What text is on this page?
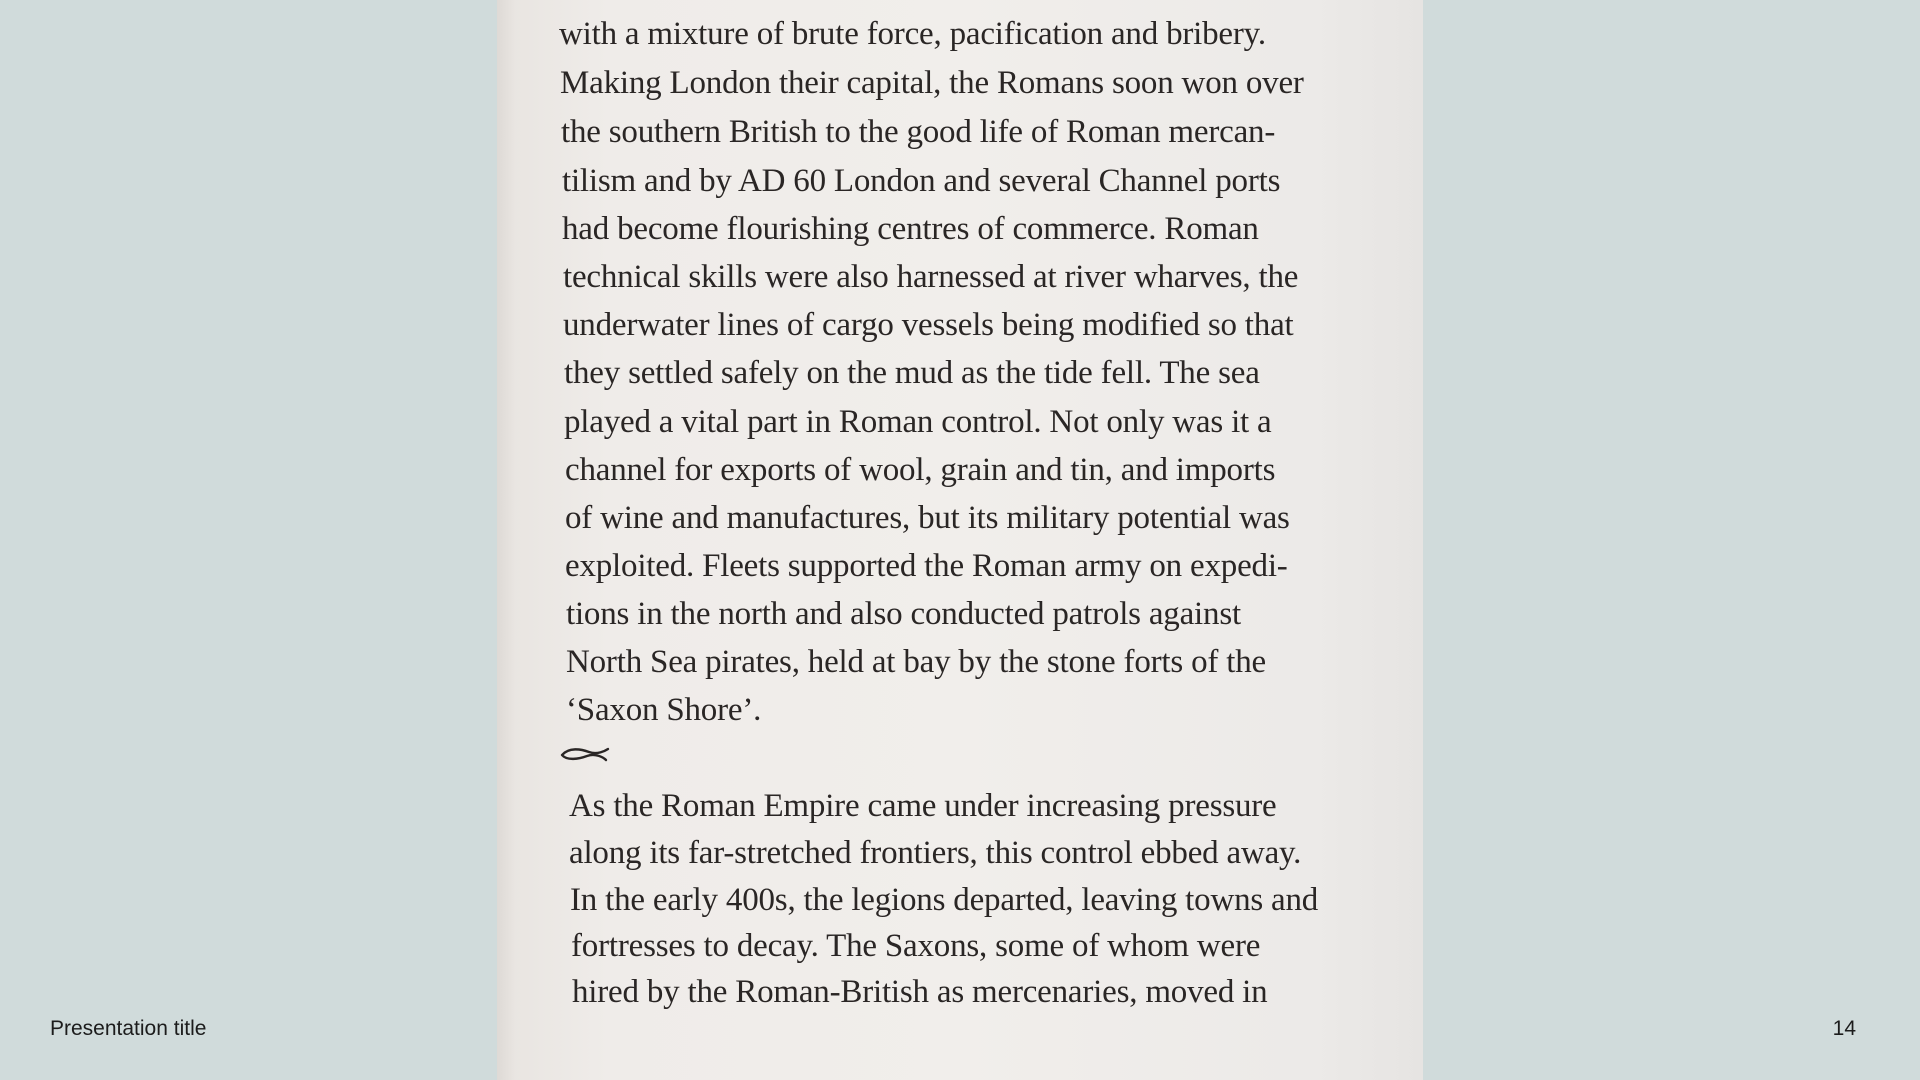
with a mixture of brute force, pacification and bribery.
Making London their capital, the Romans soon won over
the southern British to the good life of Roman mercan-
tilism and by AD 60 London and several Channel ports
had become flourishing centres of commerce. Roman
technical skills were also harnessed at river wharves, the
underwater lines of cargo vessels being modified so that
they settled safely on the mud as the tide fell. The sea
played a vital part in Roman control. Not only was it a
channel for exports of wool, grain and tin, and imports
of wine and manufactures, but its military potential was
exploited. Fleets supported the Roman army on expedi-
tions in the north and also conducted patrols against
North Sea pirates, held at bay by the stone forts of the
‘Saxon Shore’.
As the Roman Empire came under increasing pressure
along its far-stretched frontiers, this control ebbed away.
In the early 400s, the legions departed, leaving towns and
fortresses to decay. The Saxons, some of whom were
hired by the Roman-British as mercenaries, moved in
Presentation title	14
